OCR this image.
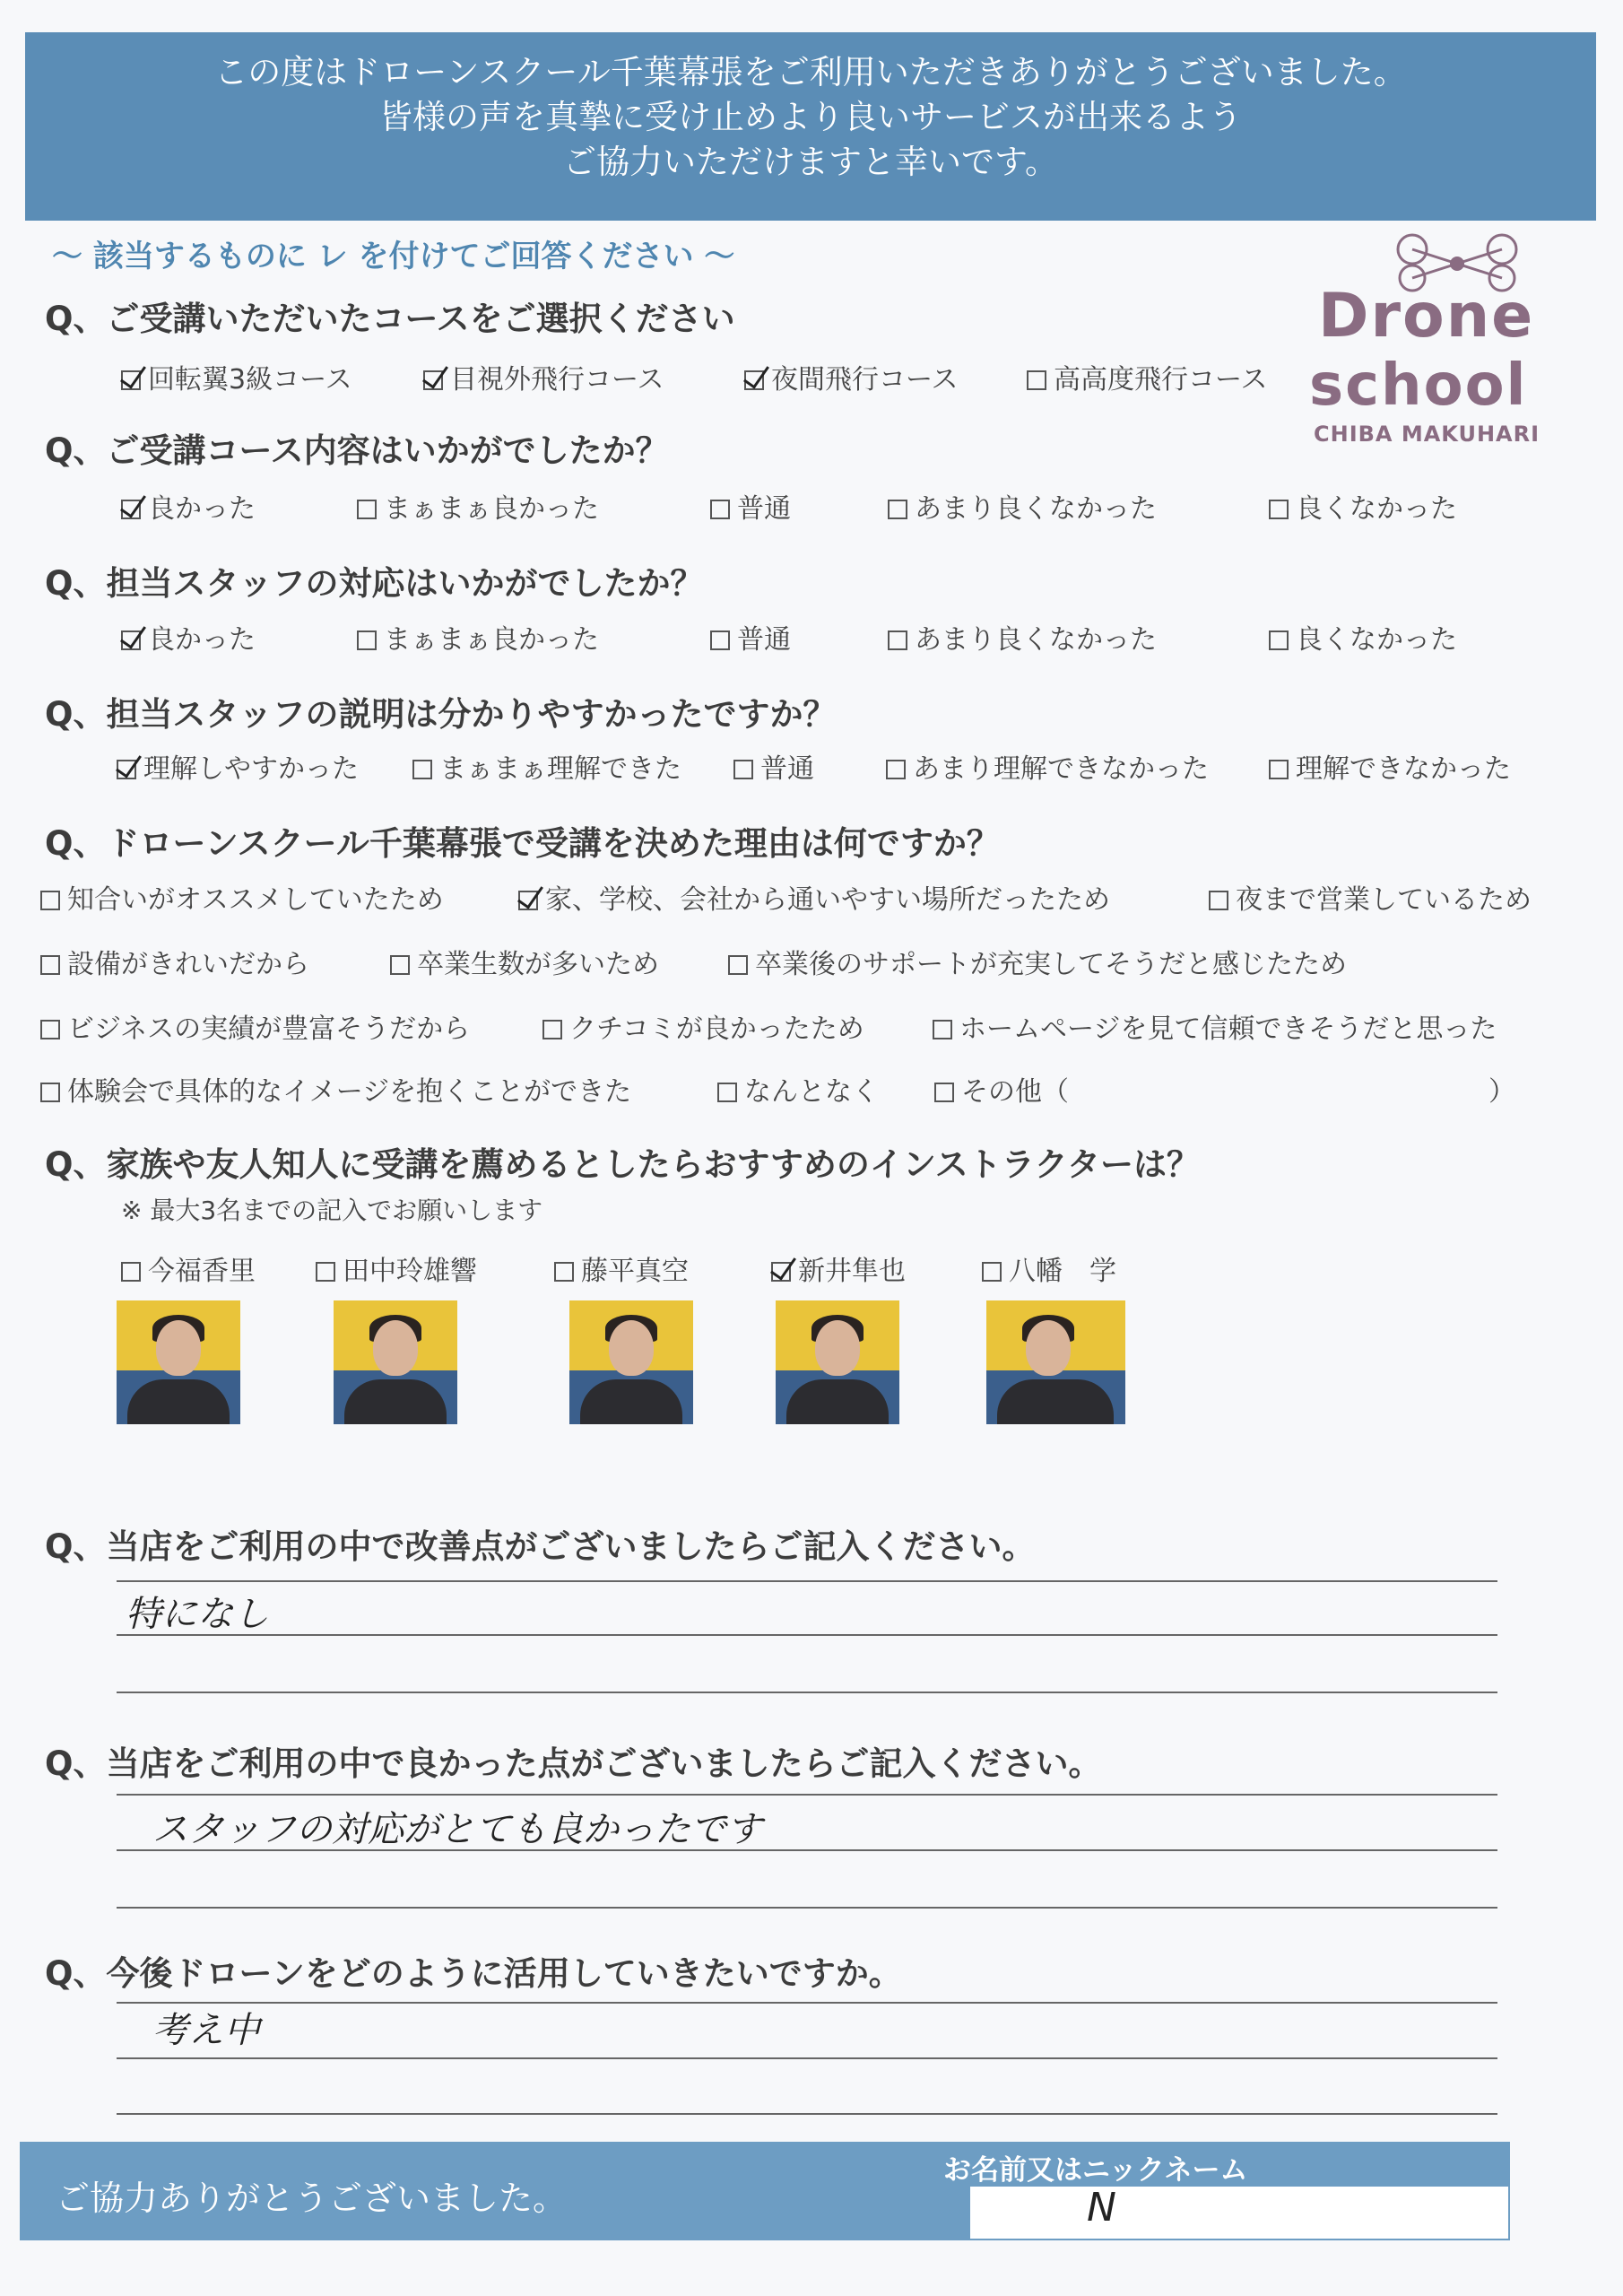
この度はドローンスクール千葉幕張をご利用いただきありがとうございました。
皆様の声を真摯に受け止めより良いサービスが出来るよう
ご協力いただけますと幸いです。
〜 該当するものに レ を付けてご回答ください 〜
Drone
school
CHIBA MAKUHARI
Q、ご受講いただいたコースをご選択ください
回転翼3級コース	目視外飛行コース	夜間飛行コース	高高度飛行コース
Q、ご受講コース内容はいかがでしたか？
良かった	まぁまぁ良かった	普通	あまり良くなかった	良くなかった
Q、担当スタッフの対応はいかがでしたか？
良かった	まぁまぁ良かった	普通	あまり良くなかった	良くなかった
Q、担当スタッフの説明は分かりやすかったですか？
理解しやすかった	まぁまぁ理解できた	普通	あまり理解できなかった	理解できなかった
Q、ドローンスクール千葉幕張で受講を決めた理由は何ですか？
知合いがオススメしていたため	家、学校、会社から通いやすい場所だったため	夜まで営業しているため
設備がきれいだから	卒業生数が多いため	卒業後のサポートが充実してそうだと感じたため
ビジネスの実績が豊富そうだから	クチコミが良かったため	ホームページを見て信頼できそうだと思った
体験会で具体的なイメージを抱くことができた	なんとなく	その他（	）
Q、家族や友人知人に受講を薦めるとしたらおすすめのインストラクターは？
※ 最大3名までの記入でお願いします
今福香里	田中玲雄響	藤平真空	新井隼也	八幡　学
Q、当店をご利用の中で改善点がございましたらご記入ください。
特になし
Q、当店をご利用の中で良かった点がございましたらご記入ください。
スタッフの対応がとても良かったです
Q、今後ドローンをどのように活用していきたいですか。
考え中
ご協力ありがとうございました。
お名前又はニックネーム
N
